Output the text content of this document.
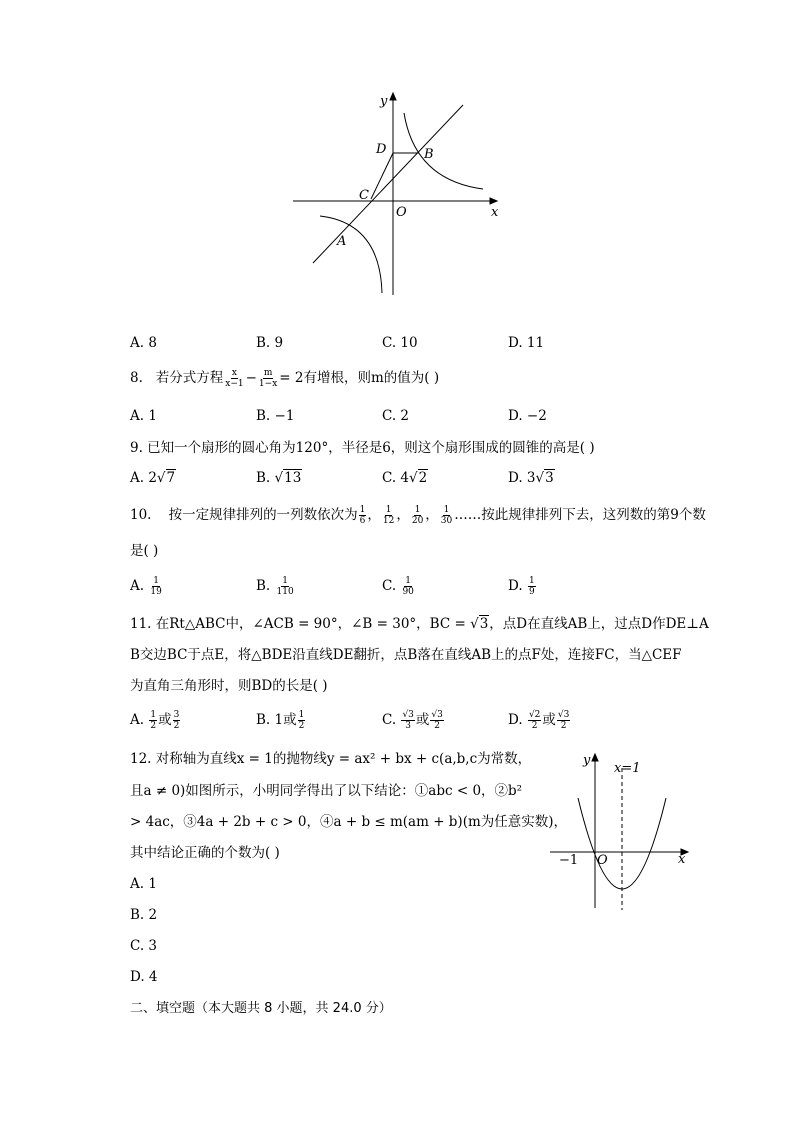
y
x
D	B
C
O
A
A. 8	B. 9	C. 10	D. 11
8. 若分式方程 $\frac{x}{x-1} - \frac{m}{1-x} = 2$有增根，则m的值为( )
A. 1	B. −1	C. 2	D. −2
9. 已知一个扇形的圆心角为120°，半径是6，则这个扇形围成的圆锥的高是( )
A. 2√7	B. √13	C. 4√2	D. 3√3
10. 按一定规律排列的一列数依次为 $\frac{1}{6}$ ， $\frac{1}{12}$ ， $\frac{1}{20}$ ， $\frac{1}{30}$ ……按此规律排列下去，这列数的第9个数
是( )
A. $\frac{1}{19}$	B. $\frac{1}{110}$	C. $\frac{1}{90}$	D. $\frac{1}{9}$
11. 在Rt△ABC中，∠ACB = 90°，∠B = 30°，BC = √3，点D在直线AB上，过点D作DE⊥A
B交边BC于点E，将△BDE沿直线DE翻折，点B落在直线AB上的点F处，连接FC，当△CEF
为直角三角形时，则BD的长是( )
A. $\frac{1}{2}$ 或 $\frac{3}{2}$	B. 1或 $\frac{1}{2}$	C. $\frac{√3}{3}$ 或 $\frac{√3}{2}$	D. $\frac{√2}{2}$ 或 $\frac{√3}{2}$
12. 对称轴为直线x = 1的抛物线y = ax² + bx + c(a,b,c为常数，
且a ≠ 0)如图所示，小明同学得出了以下结论：①abc < 0，②b²
> 4ac，③4a + 2b + c > 0，④a + b ≤ m(am + b)(m为任意实数)，
其中结论正确的个数为( )
A. 1
B. 2
C. 3
D. 4
y
x
x=1
−1 O
二、填空题（本大题共 8 小题，共 24.0 分）
